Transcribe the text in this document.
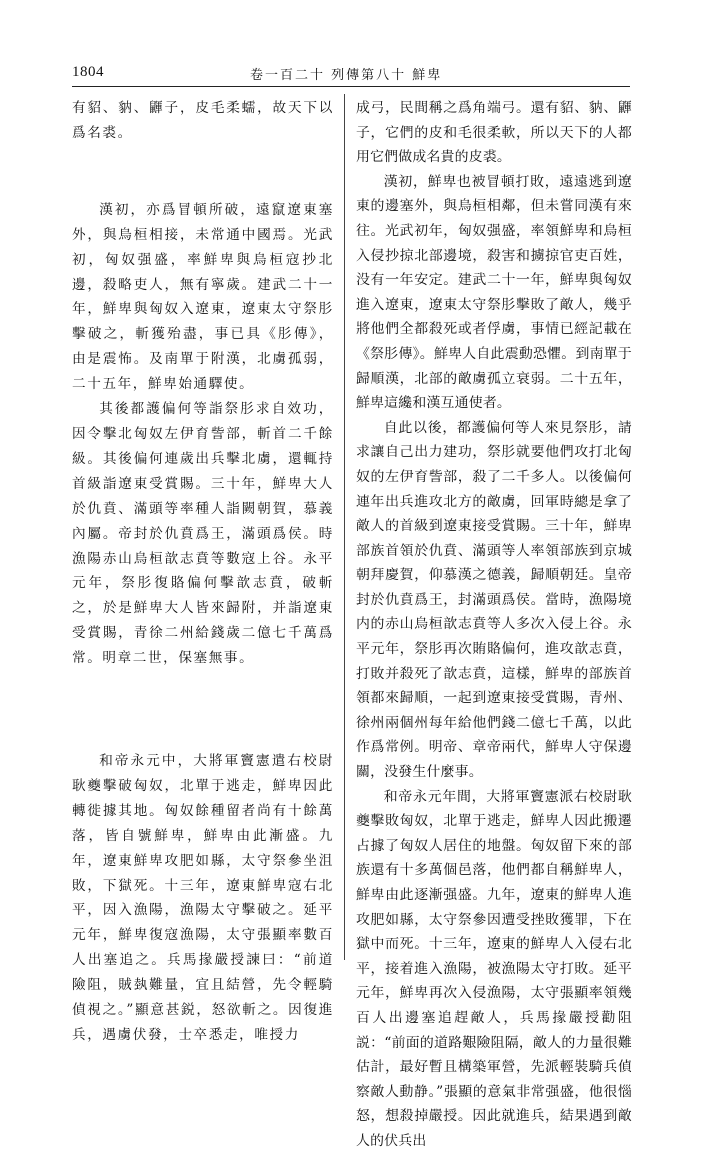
1804	卷一百二十 列傳第八十 鮮卑

有貂、豽、鼲子，皮毛柔蠕，故天下以爲名裘。

漢初，亦爲冒頓所破，遠竄遼東塞外，與烏桓相接，未常通中國焉。光武初，匈奴强盛，率鮮卑與烏桓寇抄北邊，殺略吏人，無有寧歲。建武二十一年，鮮卑與匈奴入遼東，遼東太守祭肜擊破之，斬獲殆盡，事已具《肜傳》，由是震怖。及南單于附漢，北虜孤弱，二十五年，鮮卑始通驛使。

其後都護偏何等詣祭肜求自效功，因令擊北匈奴左伊育訾部，斬首二千餘級。其後偏何連歲出兵擊北虜，還輒持首級詣遼東受賞賜。三十年，鮮卑大人於仇賁、滿頭等率種人詣闕朝賀，慕義內屬。帝封於仇賁爲王，滿頭爲侯。時漁陽赤山烏桓歆志賁等數寇上谷。永平元年，祭肜復賂偏何擊歆志賁，破斬之，於是鮮卑大人皆來歸附，并詣遼東受賞賜，青徐二州給錢歲二億七千萬爲常。明章二世，保塞無事。

和帝永元中，大將軍竇憲遣右校尉耿夔擊破匈奴，北單于逃走，鮮卑因此轉徙據其地。匈奴餘種留者尚有十餘萬落，皆自號鮮卑，鮮卑由此漸盛。九年，遼東鮮卑攻肥如縣，太守祭參坐沮敗，下獄死。十三年，遼東鮮卑寇右北平，因入漁陽，漁陽太守擊破之。延平元年，鮮卑復寇漁陽，太守張顯率數百人出塞追之。兵馬掾嚴授諫曰：“前道險阻，賊埶難量，宜且結營，先令輕騎偵視之。”顯意甚鋭，怒欲斬之。因復進兵，遇虜伏發，士卒悉走，唯授力

成弓，民間稱之爲角端弓。還有貂、豽、鼲子，它們的皮和毛很柔軟，所以天下的人都用它們做成名貴的皮裘。

漢初，鮮卑也被冒頓打敗，遠遠逃到遼東的邊塞外，與烏桓相鄰，但未嘗同漢有來往。光武初年，匈奴强盛，率領鮮卑和烏桓入侵抄掠北部邊境，殺害和擄掠官吏百姓，没有一年安定。建武二十一年，鮮卑與匈奴進入遼東，遼東太守祭肜擊敗了敵人，幾乎將他們全都殺死或者俘虜，事情已經記載在《祭肜傳》。鮮卑人自此震動恐懼。到南單于歸順漢，北部的敵虜孤立衰弱。二十五年，鮮卑這纔和漢互通使者。

自此以後，都護偏何等人來見祭肜，請求讓自己出力建功，祭肜就要他們攻打北匈奴的左伊育訾部，殺了二千多人。以後偏何連年出兵進攻北方的敵虜，回軍時總是拿了敵人的首級到遼東接受賞賜。三十年，鮮卑部族首領於仇賁、滿頭等人率領部族到京城朝拜慶賀，仰慕漢之德義，歸順朝廷。皇帝封於仇賁爲王，封滿頭爲侯。當時，漁陽境内的赤山烏桓歆志賁等人多次入侵上谷。永平元年，祭肜再次賄賂偏何，進攻歆志賁，打敗并殺死了歆志賁，這樣，鮮卑的部族首領都來歸順，一起到遼東接受賞賜，青州、徐州兩個州每年給他們錢二億七千萬，以此作爲常例。明帝、章帝兩代，鮮卑人守保邊關，没發生什麼事。

和帝永元年間，大將軍竇憲派右校尉耿夔擊敗匈奴，北單于逃走，鮮卑人因此搬遷占據了匈奴人居住的地盤。匈奴留下來的部族還有十多萬個邑落，他們都自稱鮮卑人，鮮卑由此逐漸强盛。九年，遼東的鮮卑人進攻肥如縣，太守祭參因遭受挫敗獲罪，下在獄中而死。十三年，遼東的鮮卑人入侵右北平，接着進入漁陽，被漁陽太守打敗。延平元年，鮮卑再次入侵漁陽，太守張顯率領幾百人出邊塞追趕敵人，兵馬掾嚴授勸阻説：“前面的道路艱險阻隔，敵人的力量很難估計，最好暫且構築軍營，先派輕裝騎兵偵察敵人動静。”張顯的意氣非常强盛，他很惱怒，想殺掉嚴授。因此就進兵，結果遇到敵人的伏兵出
